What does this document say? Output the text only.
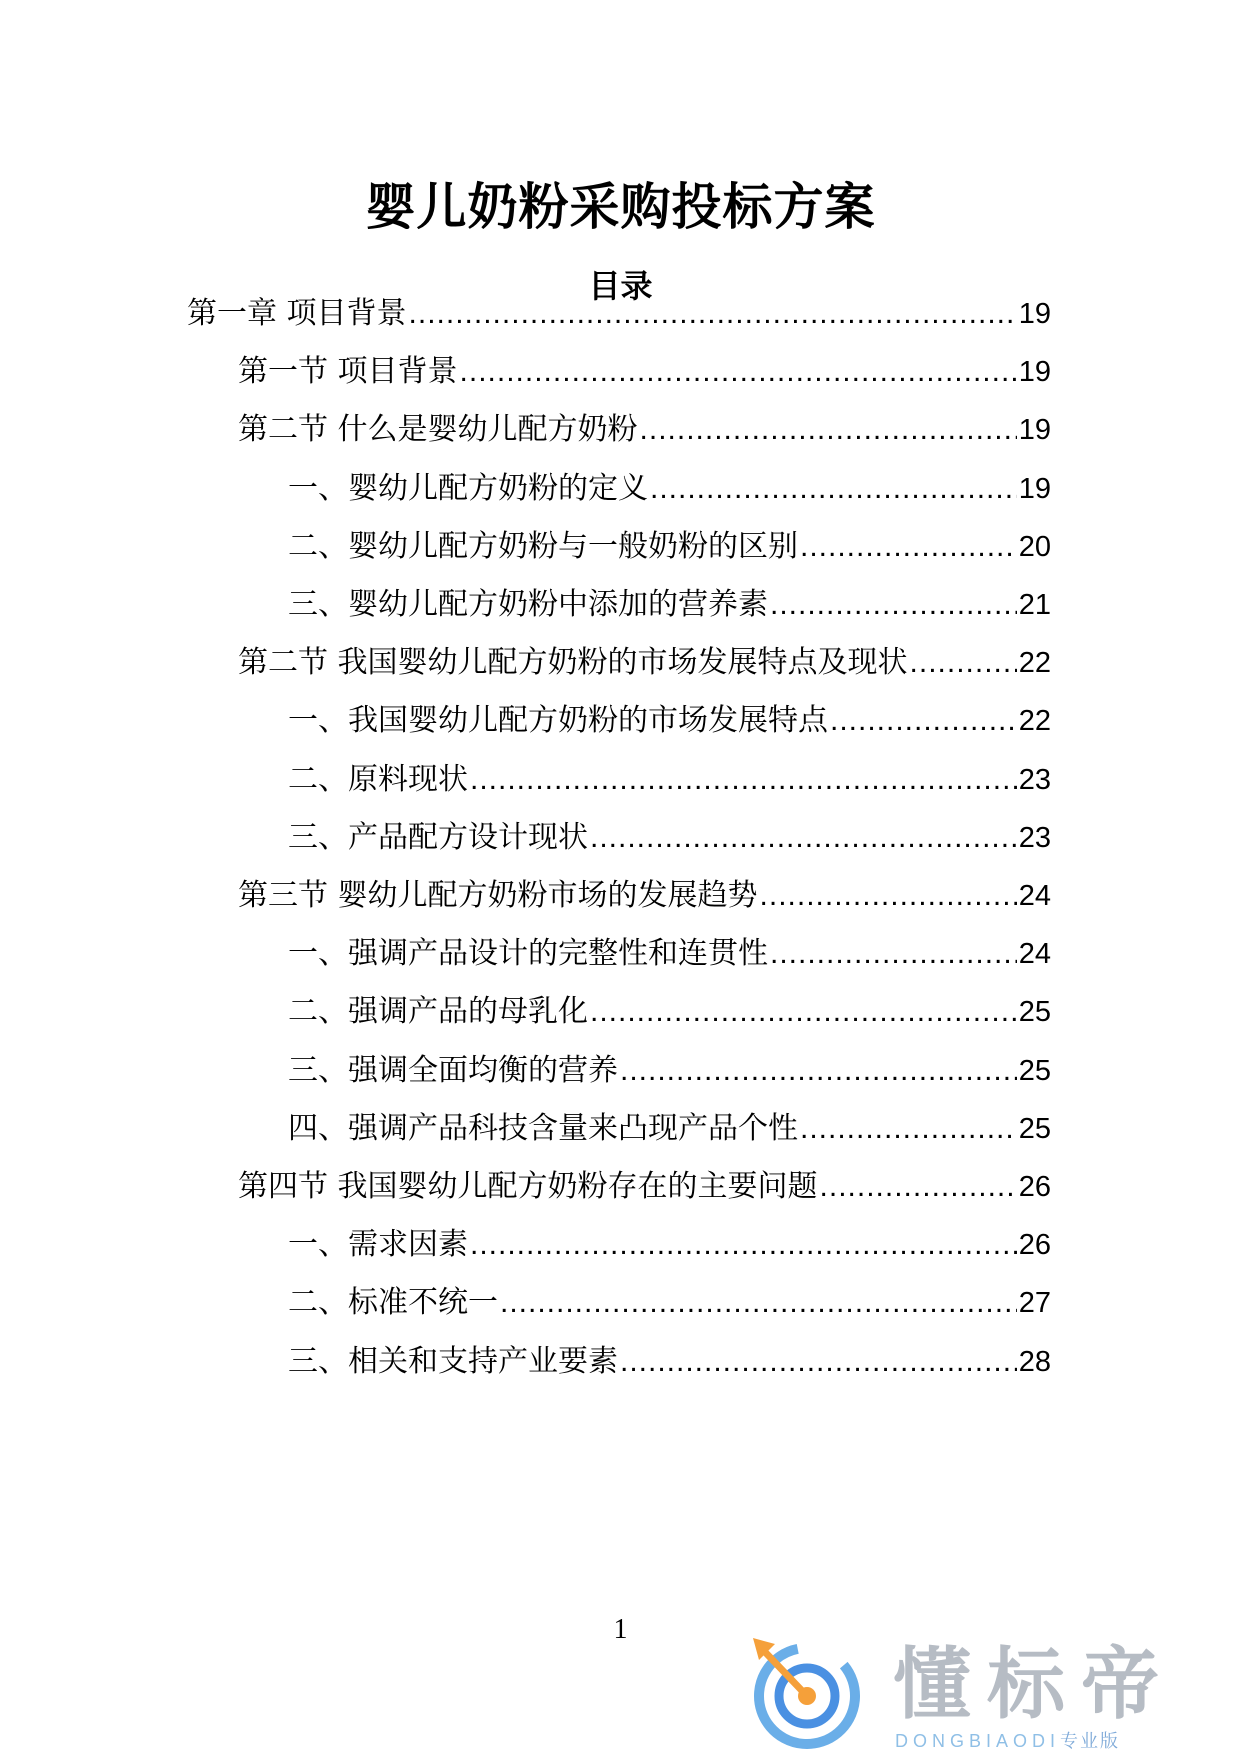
婴儿奶粉采购投标方案
目录
第一章 项目背景 .....	19
第一节 项目背景 .....	19
第二节 什么是婴幼儿配方奶粉 .....	19
一、婴幼儿配方奶粉的定义 .....	19
二、婴幼儿配方奶粉与一般奶粉的区别 .....	20
三、婴幼儿配方奶粉中添加的营养素 .....	21
第二节 我国婴幼儿配方奶粉的市场发展特点及现状 .....	22
一、我国婴幼儿配方奶粉的市场发展特点 .....	22
二、原料现状 .....	23
三、产品配方设计现状 .....	23
第三节 婴幼儿配方奶粉市场的发展趋势 .....	24
一、强调产品设计的完整性和连贯性 .....	24
二、强调产品的母乳化 .....	25
三、强调全面均衡的营养 .....	25
四、强调产品科技含量来凸现产品个性 .....	25
第四节 我国婴幼儿配方奶粉存在的主要问题 .....	26
一、需求因素 .....	26
二、标准不统一 .....	27
三、相关和支持产业要素 .....	28
1
懂标帝
DONGBIAODI专业版
